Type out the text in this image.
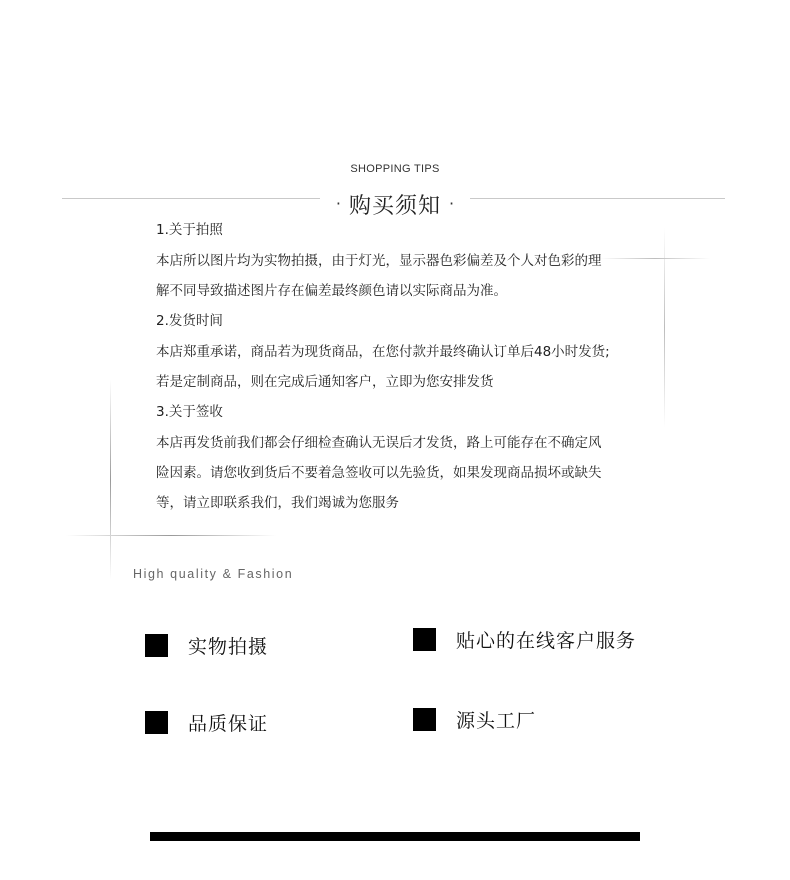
SHOPPING TIPS
· 购买须知 ·
1.关于拍照
本店所以图片均为实物拍摄，由于灯光，显示器色彩偏差及个人对色彩的理
解不同导致描述图片存在偏差最终颜色请以实际商品为准。
2.发货时间
本店郑重承诺，商品若为现货商品，在您付款并最终确认订单后48小时发货;
若是定制商品，则在完成后通知客户，立即为您安排发货
3.关于签收
本店再发货前我们都会仔细检查确认无误后才发货，路上可能存在不确定风
险因素。请您收到货后不要着急签收可以先验货，如果发现商品损坏或缺失
等，请立即联系我们，我们竭诚为您服务
High quality & Fashion
实物拍摄	贴心的在线客户服务
品质保证	源头工厂
